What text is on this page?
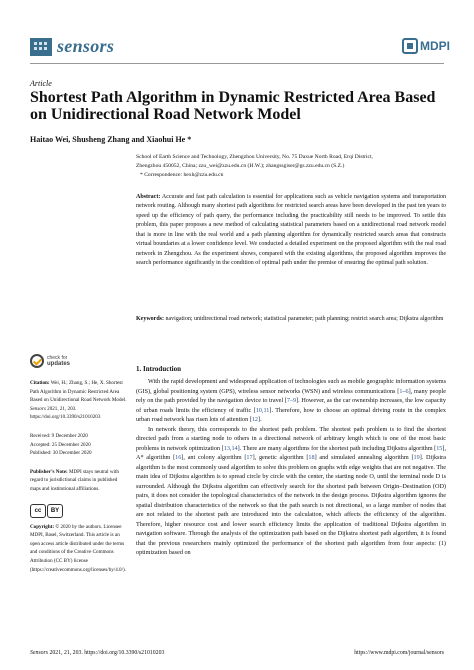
sensors	MDPI
Article
Shortest Path Algorithm in Dynamic Restricted Area Based on Unidirectional Road Network Model
Haitao Wei, Shusheng Zhang and Xiaohui He *
School of Earth Science and Technology, Zhengzhou University, No. 75 Daxue North Road, Erqi District,
Zhengzhou 450052, China; zzu_wei@zzu.edu.cn (H.W.); zhangssgiser@gs.zzu.edu.cn (S.Z.)
* Correspondence: hexh@zzu.edu.cn
Abstract: Accurate and fast path calculation is essential for applications such as vehicle navigation systems and transportation network routing. Although many shortest path algorithms for restricted search areas have been developed in the past ten years to speed up the efficiency of path query, the performance including the practicability still needs to be improved. To settle this problem, this paper proposes a new method of calculating statistical parameters based on a unidirectional road network model that is more in line with the real world and a path planning algorithm for dynamically restricted search areas that constructs virtual boundaries at a lower confidence level. We conducted a detailed experiment on the proposed algorithm with the real road network in Zhengzhou. As the experiment shows, compared with the existing algorithms, the proposed algorithm improves the search performance significantly in the condition of optimal path under the premise of ensuring the optimal path solution.
Keywords: navigation; unidirectional road network; statistical parameter; path planning; restrict search area; Dijkstra algorithm
check for
updates
Citation: Wei, H.; Zhang, S.; He, X. Shortest Path Algorithm in Dynamic Restricted Area Based on Unidirectional Road Network Model. Sensors 2021, 21, 203. https://doi.org/10.3390/s21010203
Received: 9 December 2020
Accepted: 25 December 2020
Published: 30 December 2020
Publisher’s Note: MDPI stays neutral with regard to jurisdictional claims in published maps and institutional affiliations.
cc	BY
Copyright: © 2020 by the authors. Licensee MDPI, Basel, Switzerland. This article is an open access article distributed under the terms and conditions of the Creative Commons Attribution (CC BY) license (https://creativecommons.org/licenses/by/4.0/).
1. Introduction

With the rapid development and widespread application of technologies such as mobile geographic information systems (GIS), global positioning system (GPS), wireless sensor networks (WSN) and wireless communications [1–6], many people rely on the path provided by the navigation device to travel [7–9]. However, as the car ownership increases, the low capacity of urban roads limits the efficiency of traffic [10,11]. Therefore, how to choose an optimal driving route in the complex urban road network has risen lots of attention [12].

In network theory, this corresponds to the shortest path problem. The shortest path problem is to find the shortest directed path from a starting node to others in a directional network of arbitrary length which is one of the most basic problems in network optimization [13,14]. There are many algorithms for the shortest path including Dijkstra algorithm [15], A* algorithm [16], ant colony algorithm [17], genetic algorithm [18] and simulated annealing algorithm [19]. Dijkstra algorithm is the most commonly used algorithm to solve this problem on graphs with edge weights that are not negative. The main idea of Dijkstra algorithm is to spread circle by circle with the center, the starting node O, until the terminal node D is surrounded. Although the Dijkstra algorithm can effectively search for the shortest path between Origin–Destination (OD) pairs, it does not consider the topological characteristics of the network in the design process. Dijkstra algorithm ignores the spatial distribution characteristics of the network so that the path search is not directional, so a large number of nodes that are not related to the shortest path are introduced into the calculation, which affects the efficiency of the algorithm. Therefore, higher resource cost and lower search efficiency limits the application of traditional Dijkstra algorithm in navigation software. Through the analysis of the optimization path based on the Dijkstra shortest path algorithm, it is found that the previous researchers mainly optimized the performance of the shortest path algorithm from four aspects: (1) optimization based on

Sensors 2021, 21, 203. https://doi.org/10.3390/s21010203	https://www.mdpi.com/journal/sensors
